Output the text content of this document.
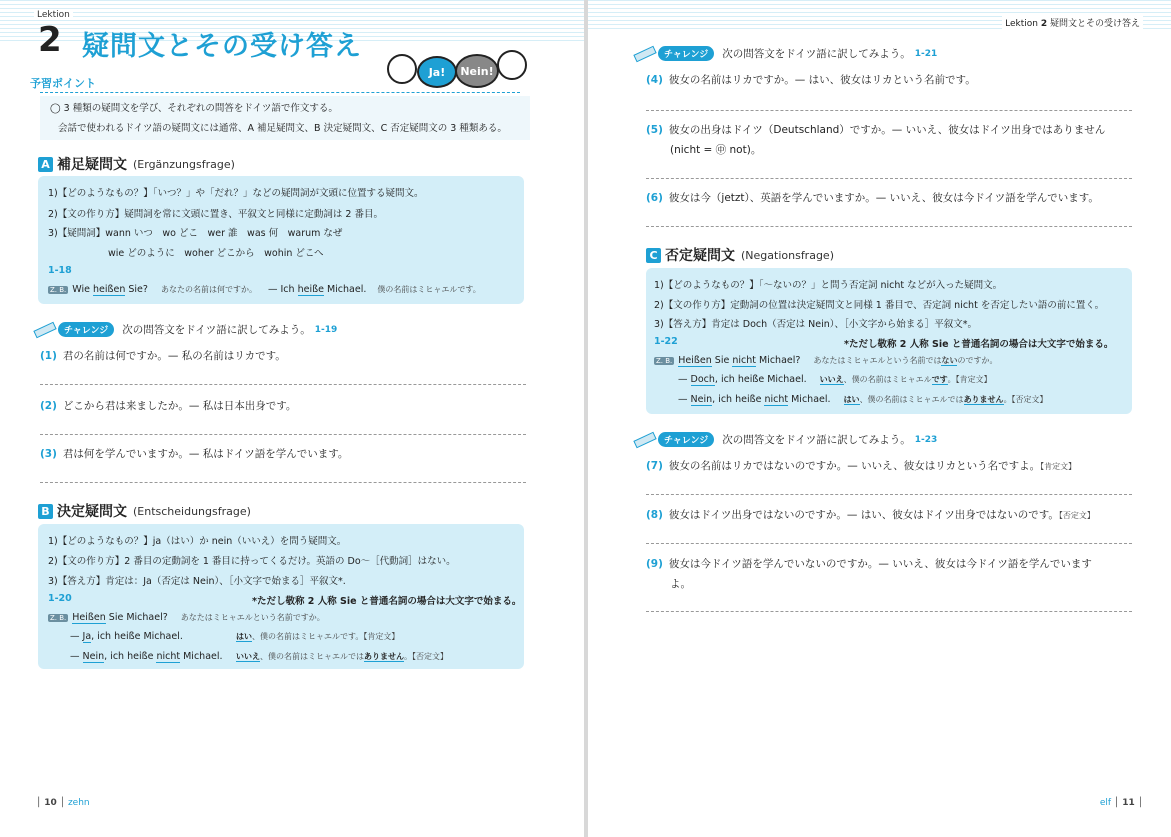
Lektion
2 疑問文とその受け答え
Ja!	Nein!
予習ポイント
◯ 3 種類の疑問文を学び、それぞれの問答をドイツ語で作文する。
会話で使われるドイツ語の疑問文には通常、A 補足疑問文、B 決定疑問文、C 否定疑問文の 3 種類ある。
A 補足疑問文 (Ergänzungsfrage)
1)【どのようなもの？】「いつ？」や「だれ？」などの疑問詞が文頭に位置する疑問文。
2)【文の作り方】疑問詞を常に文頭に置き、平叙文と同様に定動詞は 2 番目。
3)【疑問詞】wann いつ　wo どこ　wer 誰　was 何　warum なぜ
wie どのように　woher どこから　wohin どこへ
1-18
Z. B. Wie heißen Sie? あなたの名前は何ですか。 — Ich heiße Michael. 僕の名前はミヒャエルです。
チャレンジ	次の問答文をドイツ語に訳してみよう。 1-19
(1) 君の名前は何ですか。— 私の名前はリカです。
(2) どこから君は来ましたか。— 私は日本出身です。
(3) 君は何を学んでいますか。— 私はドイツ語を学んでいます。
B 決定疑問文 (Entscheidungsfrage)
1)【どのようなもの？】ja（はい）か nein（いいえ）を問う疑問文。
2)【文の作り方】2 番目の定動詞を 1 番目に持ってくるだけ。英語の Do～［代動詞］はない。
3)【答え方】肯定は：Ja（否定は Nein）、［小文字で始まる］平叙文*.
1-20	*ただし敬称 2 人称 Sie と普通名詞の場合は大文字で始まる。
Z. B. Heißen Sie Michael? あなたはミヒャエルという名前ですか。
— Ja, ich heiße Michael.	はい、僕の名前はミヒャエルです。【肯定文】
— Nein, ich heiße nicht Michael. いいえ、僕の名前はミヒャエルではありません。【否定文】
│ 10 │ zehn
Lektion 2 疑問文とその受け答え
チャレンジ	次の問答文をドイツ語に訳してみよう。 1-21
(4) 彼女の名前はリカですか。— はい、彼女はリカという名前です。
(5) 彼女の出身はドイツ（Deutschland）ですか。— いいえ、彼女はドイツ出身ではありません
(nicht = ㊥ not)。
(6) 彼女は今（jetzt）、英語を学んでいますか。— いいえ、彼女は今ドイツ語を学んでいます。
C 否定疑問文 (Negationsfrage)
1)【どのようなもの？】「～ないの？」と問う否定詞 nicht などが入った疑問文。
2)【文の作り方】定動詞の位置は決定疑問文と同様 1 番目で、否定詞 nicht を否定したい語の前に置く。
3)【答え方】肯定は Doch（否定は Nein）、［小文字から始まる］平叙文*。
1-22	*ただし敬称 2 人称 Sie と普通名詞の場合は大文字で始まる。
Z. B. Heißen Sie nicht Michael? あなたはミヒャエルという名前ではないのですか。
— Doch, ich heiße Michael. いいえ、僕の名前はミヒャエルです。【肯定文】
— Nein, ich heiße nicht Michael. はい、僕の名前はミヒャエルではありません。【否定文】
チャレンジ	次の問答文をドイツ語に訳してみよう。 1-23
(7) 彼女の名前はリカではないのですか。— いいえ、彼女はリカという名ですよ。【肯定文】
(8) 彼女はドイツ出身ではないのですか。— はい、彼女はドイツ出身ではないのです。【否定文】
(9) 彼女は今ドイツ語を学んでいないのですか。— いいえ、彼女は今ドイツ語を学んでいます
よ。
elf │ 11 │
